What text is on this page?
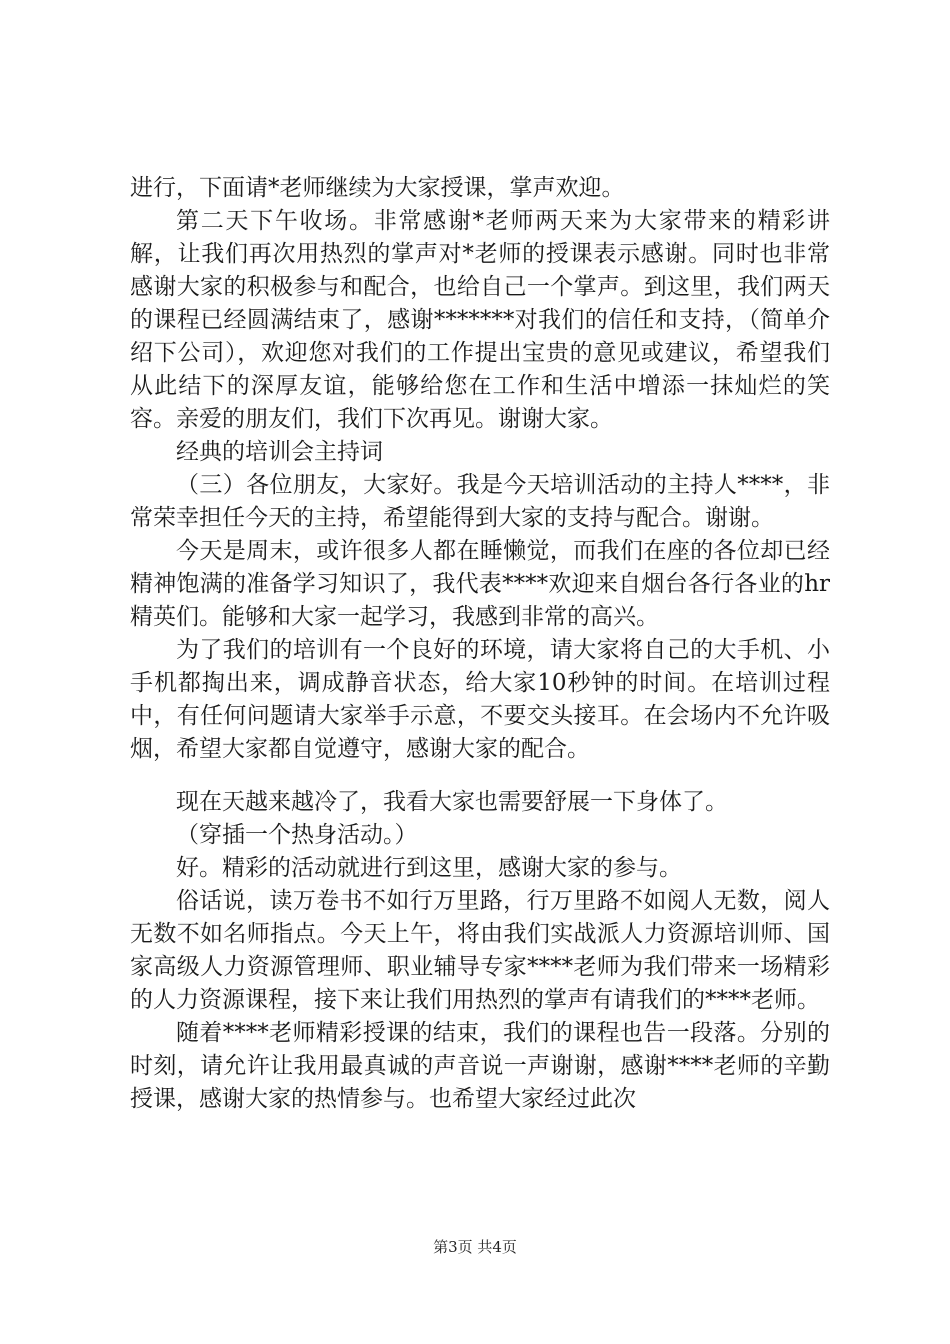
进行，下面请*老师继续为大家授课，掌声欢迎。

第二天下午收场。非常感谢*老师两天来为大家带来的精彩讲解，让我们再次用热烈的掌声对*老师的授课表示感谢。同时也非常感谢大家的积极参与和配合，也给自己一个掌声。到这里，我们两天的课程已经圆满结束了，感谢*******对我们的信任和支持，（简单介绍下公司），欢迎您对我们的工作提出宝贵的意见或建议，希望我们从此结下的深厚友谊，能够给您在工作和生活中增添一抹灿烂的笑容。亲爱的朋友们，我们下次再见。谢谢大家。

经典的培训会主持词

（三）各位朋友，大家好。我是今天培训活动的主持人****，非常荣幸担任今天的主持，希望能得到大家的支持与配合。谢谢。

今天是周末，或许很多人都在睡懒觉，而我们在座的各位却已经精神饱满的准备学习知识了，我代表****欢迎来自烟台各行各业的hr精英们。能够和大家一起学习，我感到非常的高兴。

为了我们的培训有一个良好的环境，请大家将自己的大手机、小手机都掏出来，调成静音状态，给大家10秒钟的时间。在培训过程中，有任何问题请大家举手示意，不要交头接耳。在会场内不允许吸烟，希望大家都自觉遵守，感谢大家的配合。

现在天越来越冷了，我看大家也需要舒展一下身体了。

（穿插一个热身活动。）

好。精彩的活动就进行到这里，感谢大家的参与。

俗话说，读万卷书不如行万里路，行万里路不如阅人无数，阅人无数不如名师指点。今天上午，将由我们实战派人力资源培训师、国家高级人力资源管理师、职业辅导专家****老师为我们带来一场精彩的人力资源课程，接下来让我们用热烈的掌声有请我们的****老师。

随着****老师精彩授课的结束，我们的课程也告一段落。分别的时刻，请允许让我用最真诚的声音说一声谢谢，感谢****老师的辛勤授课，感谢大家的热情参与。也希望大家经过此次

第3页 共4页
